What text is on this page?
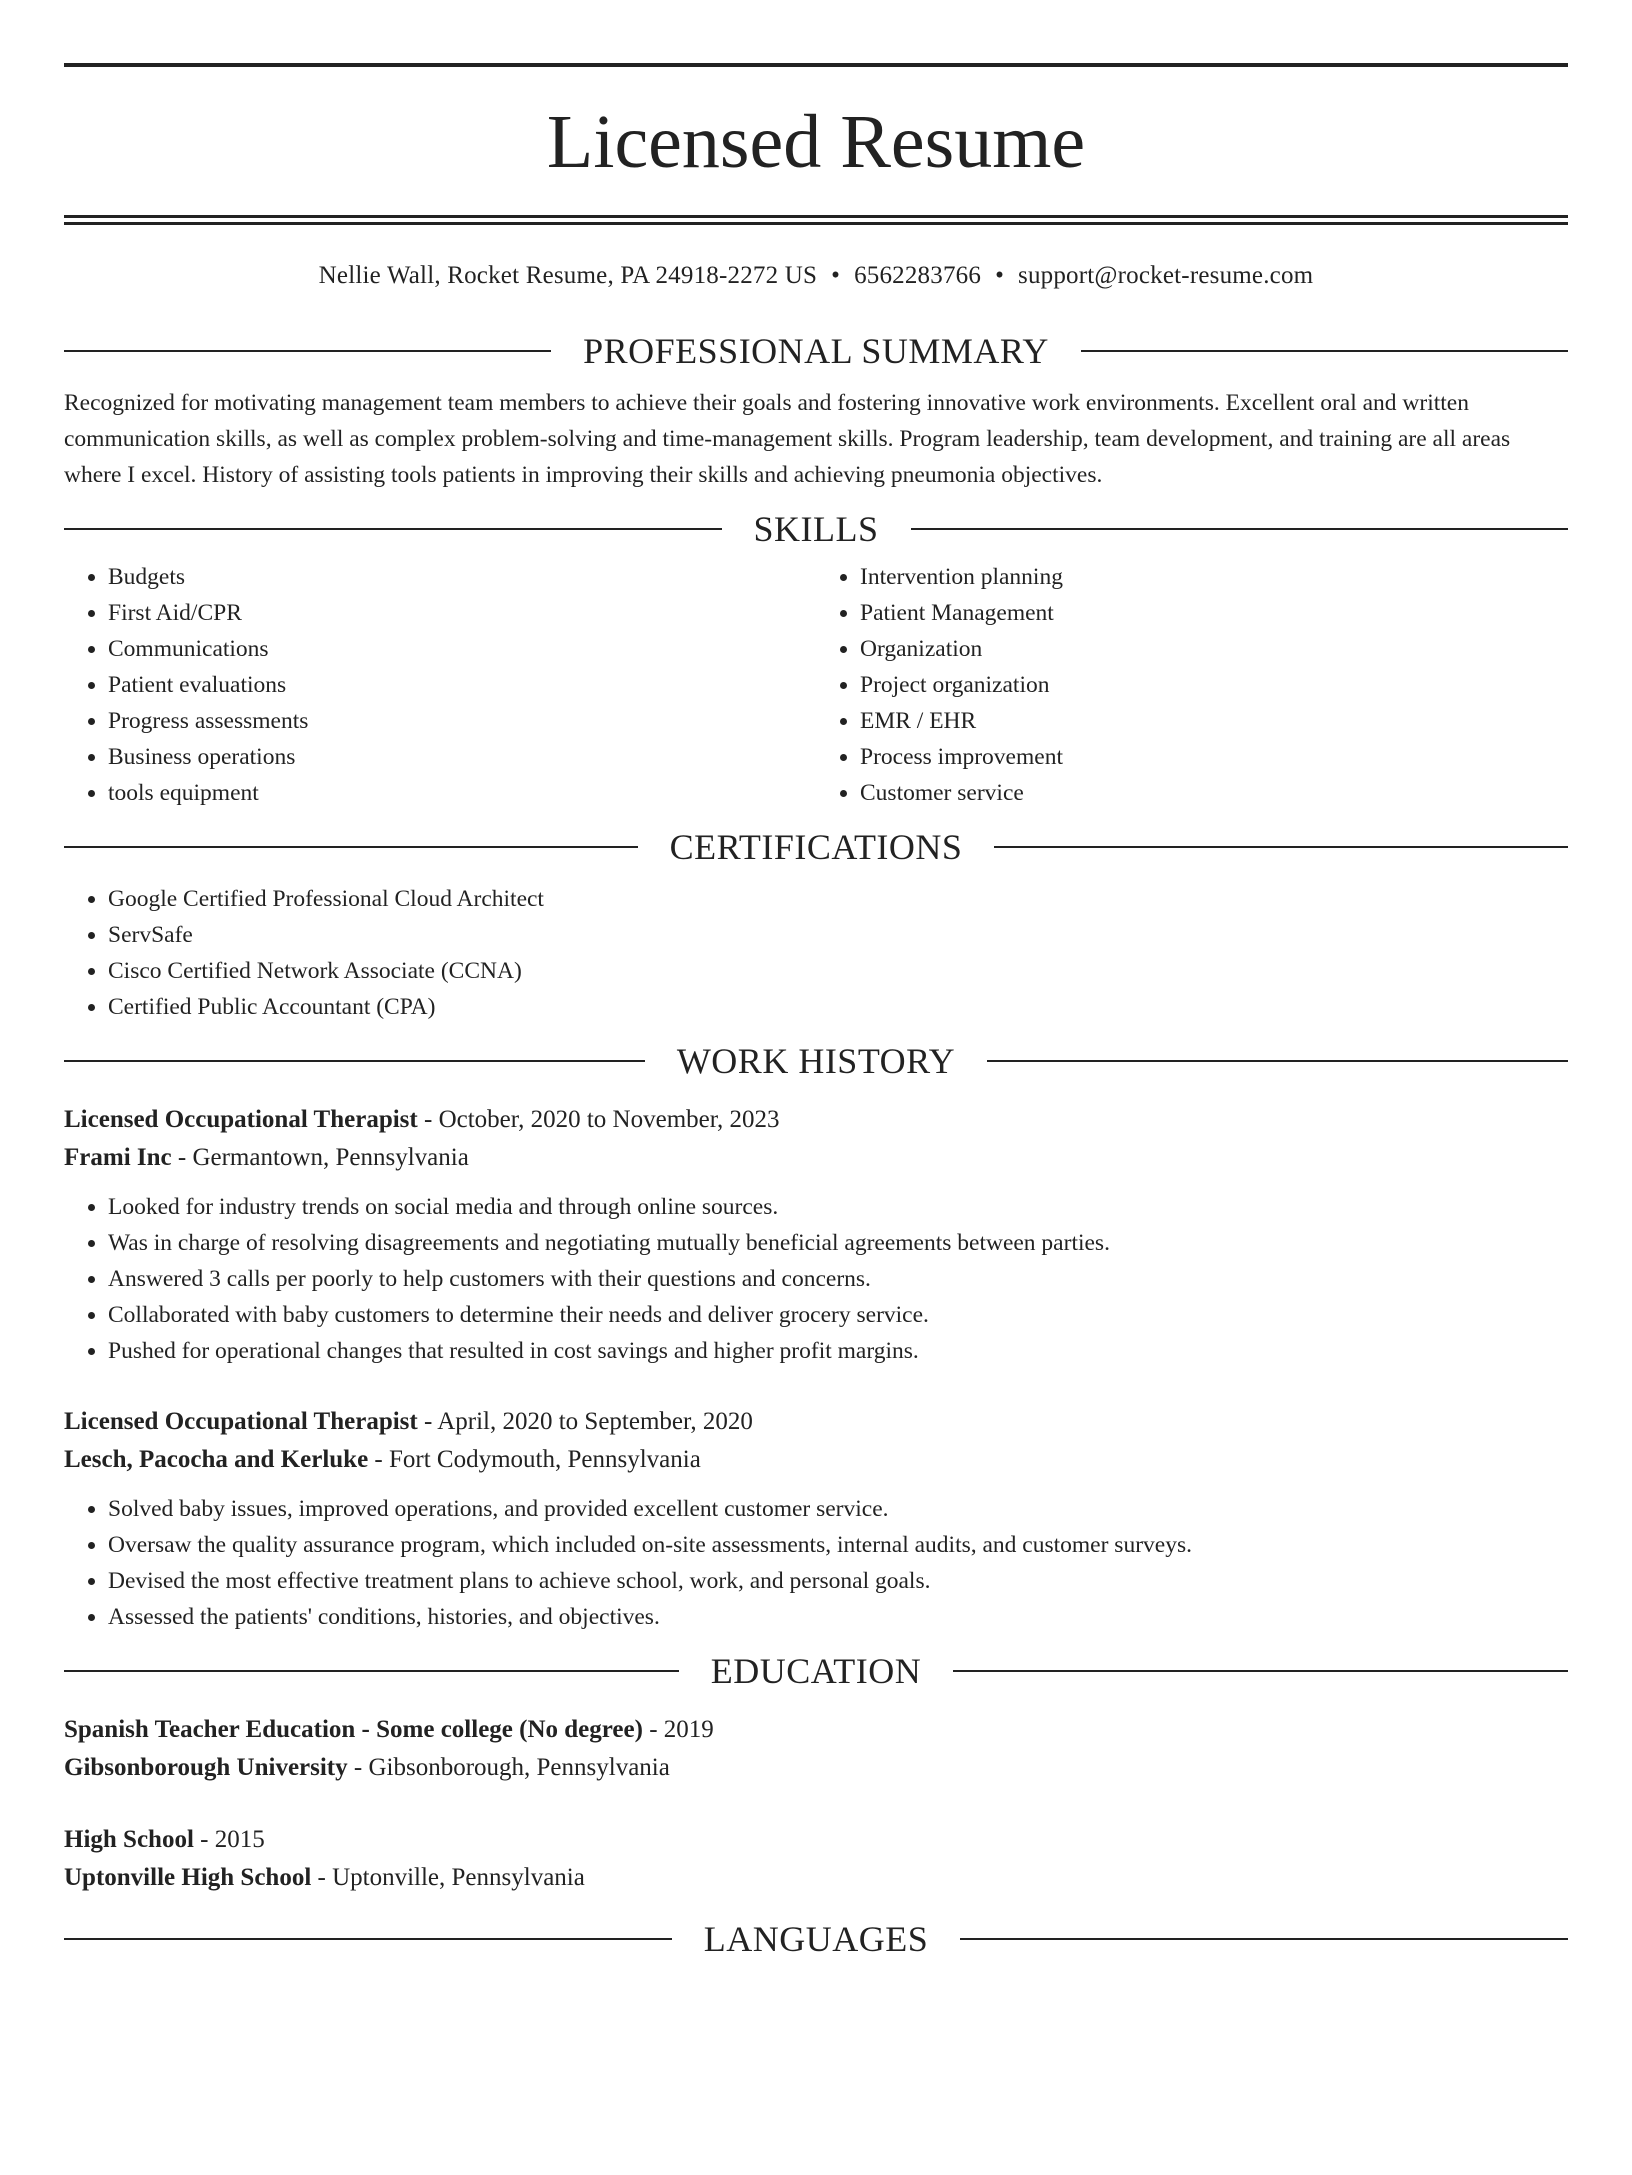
Licensed Resume
Nellie Wall, Rocket Resume, PA 24918-2272 US • 6562283766 • support@rocket-resume.com
PROFESSIONAL SUMMARY

Recognized for motivating management team members to achieve their goals and fostering innovative work environments. Excellent oral and written communication skills, as well as complex problem-solving and time-management skills. Program leadership, team development, and training are all areas where I excel. History of assisting tools patients in improving their skills and achieving pneumonia objectives.

SKILLS
• Budgets
• First Aid/CPR
• Communications
• Patient evaluations
• Progress assessments
• Business operations
• tools equipment
• Intervention planning
• Patient Management
• Organization
• Project organization
• EMR / EHR
• Process improvement
• Customer service
CERTIFICATIONS
• Google Certified Professional Cloud Architect
• ServSafe
• Cisco Certified Network Associate (CCNA)
• Certified Public Accountant (CPA)
WORK HISTORY
Licensed Occupational Therapist - October, 2020 to November, 2023
Frami Inc - Germantown, Pennsylvania
• Looked for industry trends on social media and through online sources.
• Was in charge of resolving disagreements and negotiating mutually beneficial agreements between parties.
• Answered 3 calls per poorly to help customers with their questions and concerns.
• Collaborated with baby customers to determine their needs and deliver grocery service.
• Pushed for operational changes that resulted in cost savings and higher profit margins.
Licensed Occupational Therapist - April, 2020 to September, 2020
Lesch, Pacocha and Kerluke - Fort Codymouth, Pennsylvania
• Solved baby issues, improved operations, and provided excellent customer service.
• Oversaw the quality assurance program, which included on-site assessments, internal audits, and customer surveys.
• Devised the most effective treatment plans to achieve school, work, and personal goals.
• Assessed the patients' conditions, histories, and objectives.
EDUCATION
Spanish Teacher Education - Some college (No degree) - 2019
Gibsonborough University - Gibsonborough, Pennsylvania
High School - 2015
Uptonville High School - Uptonville, Pennsylvania
LANGUAGES
